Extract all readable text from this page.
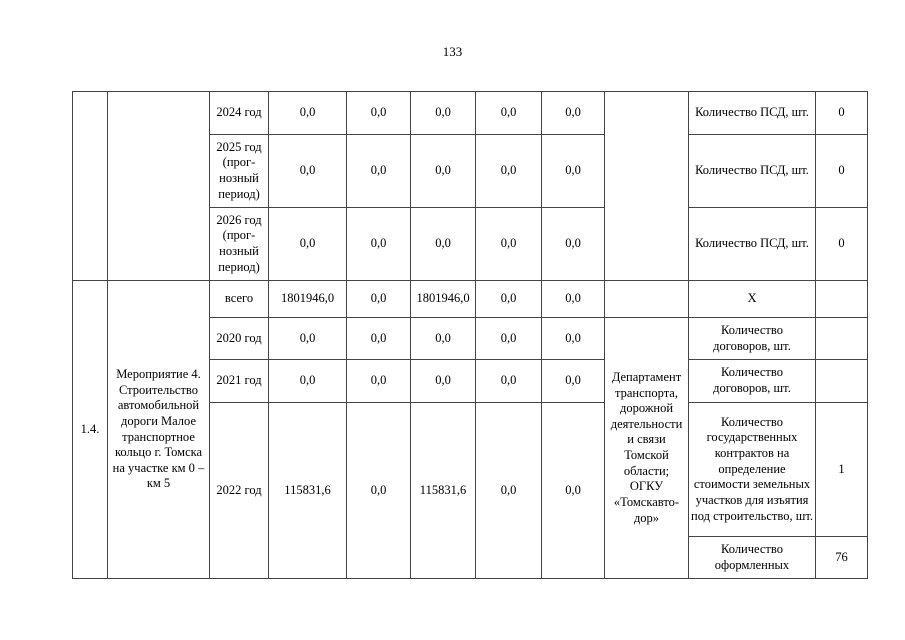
133
		2024 год	0,0	0,0	0,0	0,0	0,0		Количество ПСД, шт.	0
		2025 год (прог-нозный период)	0,0	0,0	0,0	0,0	0,0		Количество ПСД, шт.	0
		2026 год (прог-нозный период)	0,0	0,0	0,0	0,0	0,0		Количество ПСД, шт.	0
1.4.	Мероприятие 4. Строительство автомобильной дороги Малое транспортное кольцо г. Томска на участке км 0 – км 5	всего	1801946,0	0,0	1801946,0	0,0	0,0		Х	
		2020 год	0,0	0,0	0,0	0,0	0,0	Департамент транспорта, дорожной деятельности и связи Томской области; ОГКУ «Томскавто-дор»	Количество договоров, шт.	
		2021 год	0,0	0,0	0,0	0,0	0,0		Количество договоров, шт.	
		2022 год	115831,6	0,0	115831,6	0,0	0,0		Количество государственных контрактов на определение стоимости земельных участков для изъятия под строительство, шт.	1
									Количество оформленных	76
